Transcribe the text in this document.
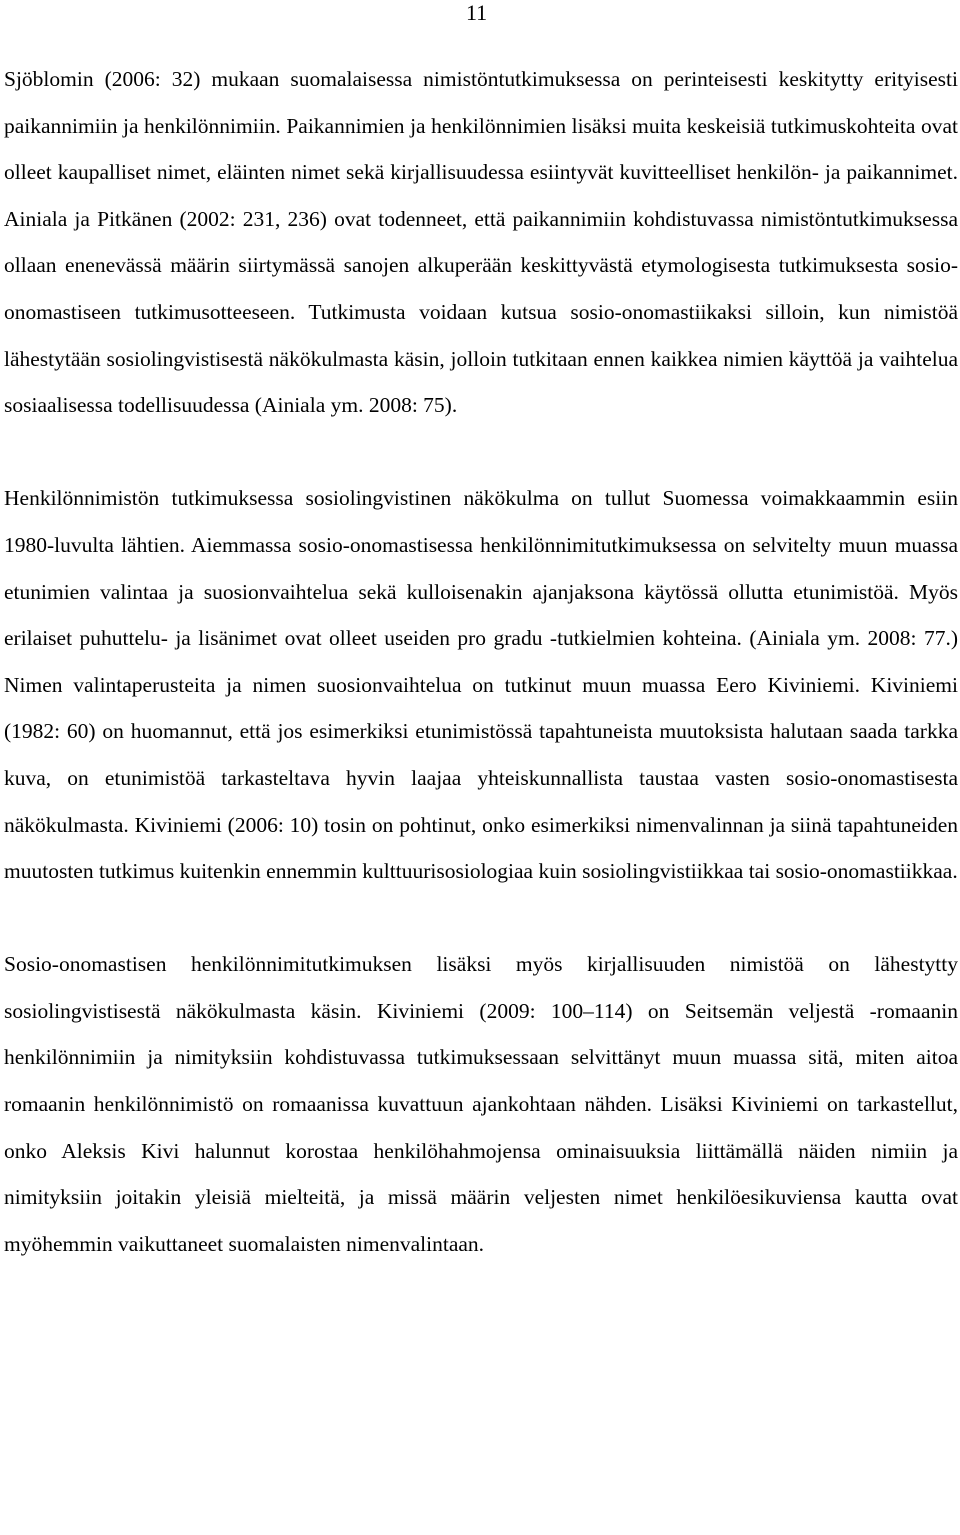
11

Sjöblomin (2006: 32) mukaan suomalaisessa nimistöntutkimuksessa on perinteisesti keskitytty erityisesti paikannimiin ja henkilönnimiin. Paikannimien ja henkilönnimien lisäksi muita keskeisiä tutkimuskohteita ovat olleet kaupalliset nimet, eläinten nimet sekä kirjallisuudessa esiintyvät kuvitteelliset henkilön- ja paikannimet. Ainiala ja Pitkänen (2002: 231, 236) ovat todenneet, että paikannimiin kohdistuvassa nimistöntutkimuksessa ollaan enenevässä määrin siirtymässä sanojen alkuperään keskittyvästä etymologisesta tutkimuksesta sosio-onomastiseen tutkimusotteeseen. Tutkimusta voidaan kutsua sosio-onomastiikaksi silloin, kun nimistöä lähestytään sosiolingvistisestä näkökulmasta käsin, jolloin tutkitaan ennen kaikkea nimien käyttöä ja vaihtelua sosiaalisessa todellisuudessa (Ainiala ym. 2008: 75).

Henkilönnimistön tutkimuksessa sosiolingvistinen näkökulma on tullut Suomessa voimakkaammin esiin 1980-luvulta lähtien. Aiemmassa sosio-onomastisessa henkilönnimitutkimuksessa on selvitelty muun muassa etunimien valintaa ja suosionvaihtelua sekä kulloisenakin ajanjaksona käytössä ollutta etunimistöä. Myös erilaiset puhuttelu- ja lisänimet ovat olleet useiden pro gradu -tutkielmien kohteina. (Ainiala ym. 2008: 77.) Nimen valintaperusteita ja nimen suosionvaihtelua on tutkinut muun muassa Eero Kiviniemi. Kiviniemi (1982: 60) on huomannut, että jos esimerkiksi etunimistössä tapahtuneista muutoksista halutaan saada tarkka kuva, on etunimistöä tarkasteltava hyvin laajaa yhteiskunnallista taustaa vasten sosio-onomastisesta näkökulmasta. Kiviniemi (2006: 10) tosin on pohtinut, onko esimerkiksi nimenvalinnan ja siinä tapahtuneiden muutosten tutkimus kuitenkin ennemmin kulttuurisosiologiaa kuin sosiolingvistiikkaa tai sosio-onomastiikkaa.

Sosio-onomastisen henkilönnimitutkimuksen lisäksi myös kirjallisuuden nimistöä on lähestytty sosiolingvistisestä näkökulmasta käsin. Kiviniemi (2009: 100–114) on Seitsemän veljestä -romaanin henkilönnimiin ja nimityksiin kohdistuvassa tutkimuksessaan selvittänyt muun muassa sitä, miten aitoa romaanin henkilönnimistö on romaanissa kuvattuun ajankohtaan nähden. Lisäksi Kiviniemi on tarkastellut, onko Aleksis Kivi halunnut korostaa henkilöhahmojensa ominaisuuksia liittämällä näiden nimiin ja nimityksiin joitakin yleisiä mielteitä, ja missä määrin veljesten nimet henkilöesikuviensa kautta ovat myöhemmin vaikuttaneet suomalaisten nimenvalintaan.
